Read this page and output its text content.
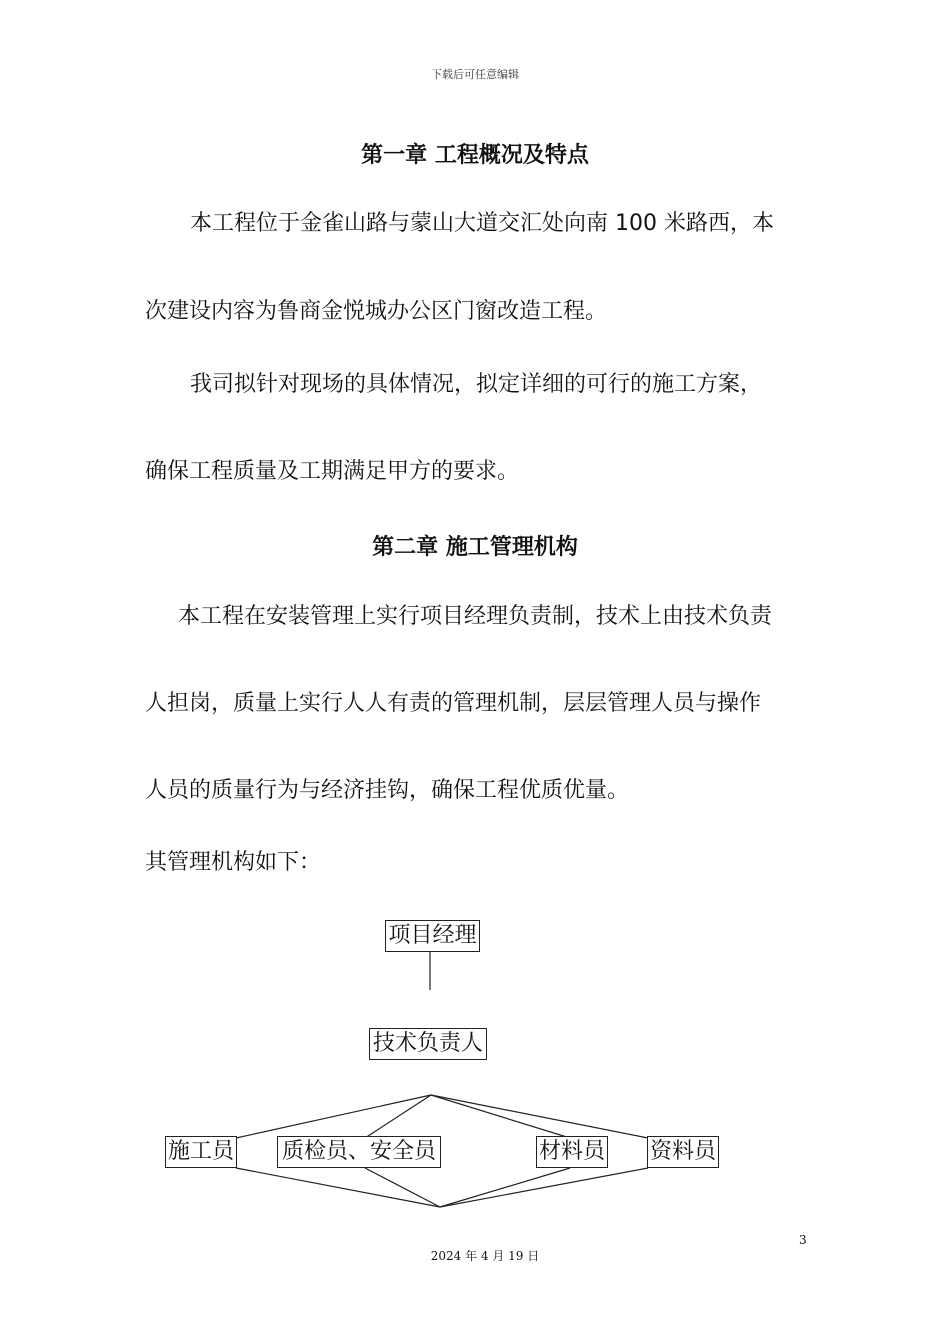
下载后可任意编辑
第一章 工程概况及特点
本工程位于金雀山路与蒙山大道交汇处向南 100 米路西，本
次建设内容为鲁商金悦城办公区门窗改造工程。
我司拟针对现场的具体情况，拟定详细的可行的施工方案，
确保工程质量及工期满足甲方的要求。
第二章 施工管理机构
本工程在安装管理上实行项目经理负责制，技术上由技术负责
人担岗，质量上实行人人有责的管理机制，层层管理人员与操作
人员的质量行为与经济挂钩，确保工程优质优量。
其管理机构如下：
项目经理
技术负责人
施工员 质检员、安全员	材料员 资料员
3
2024 年 4 月 19 日
